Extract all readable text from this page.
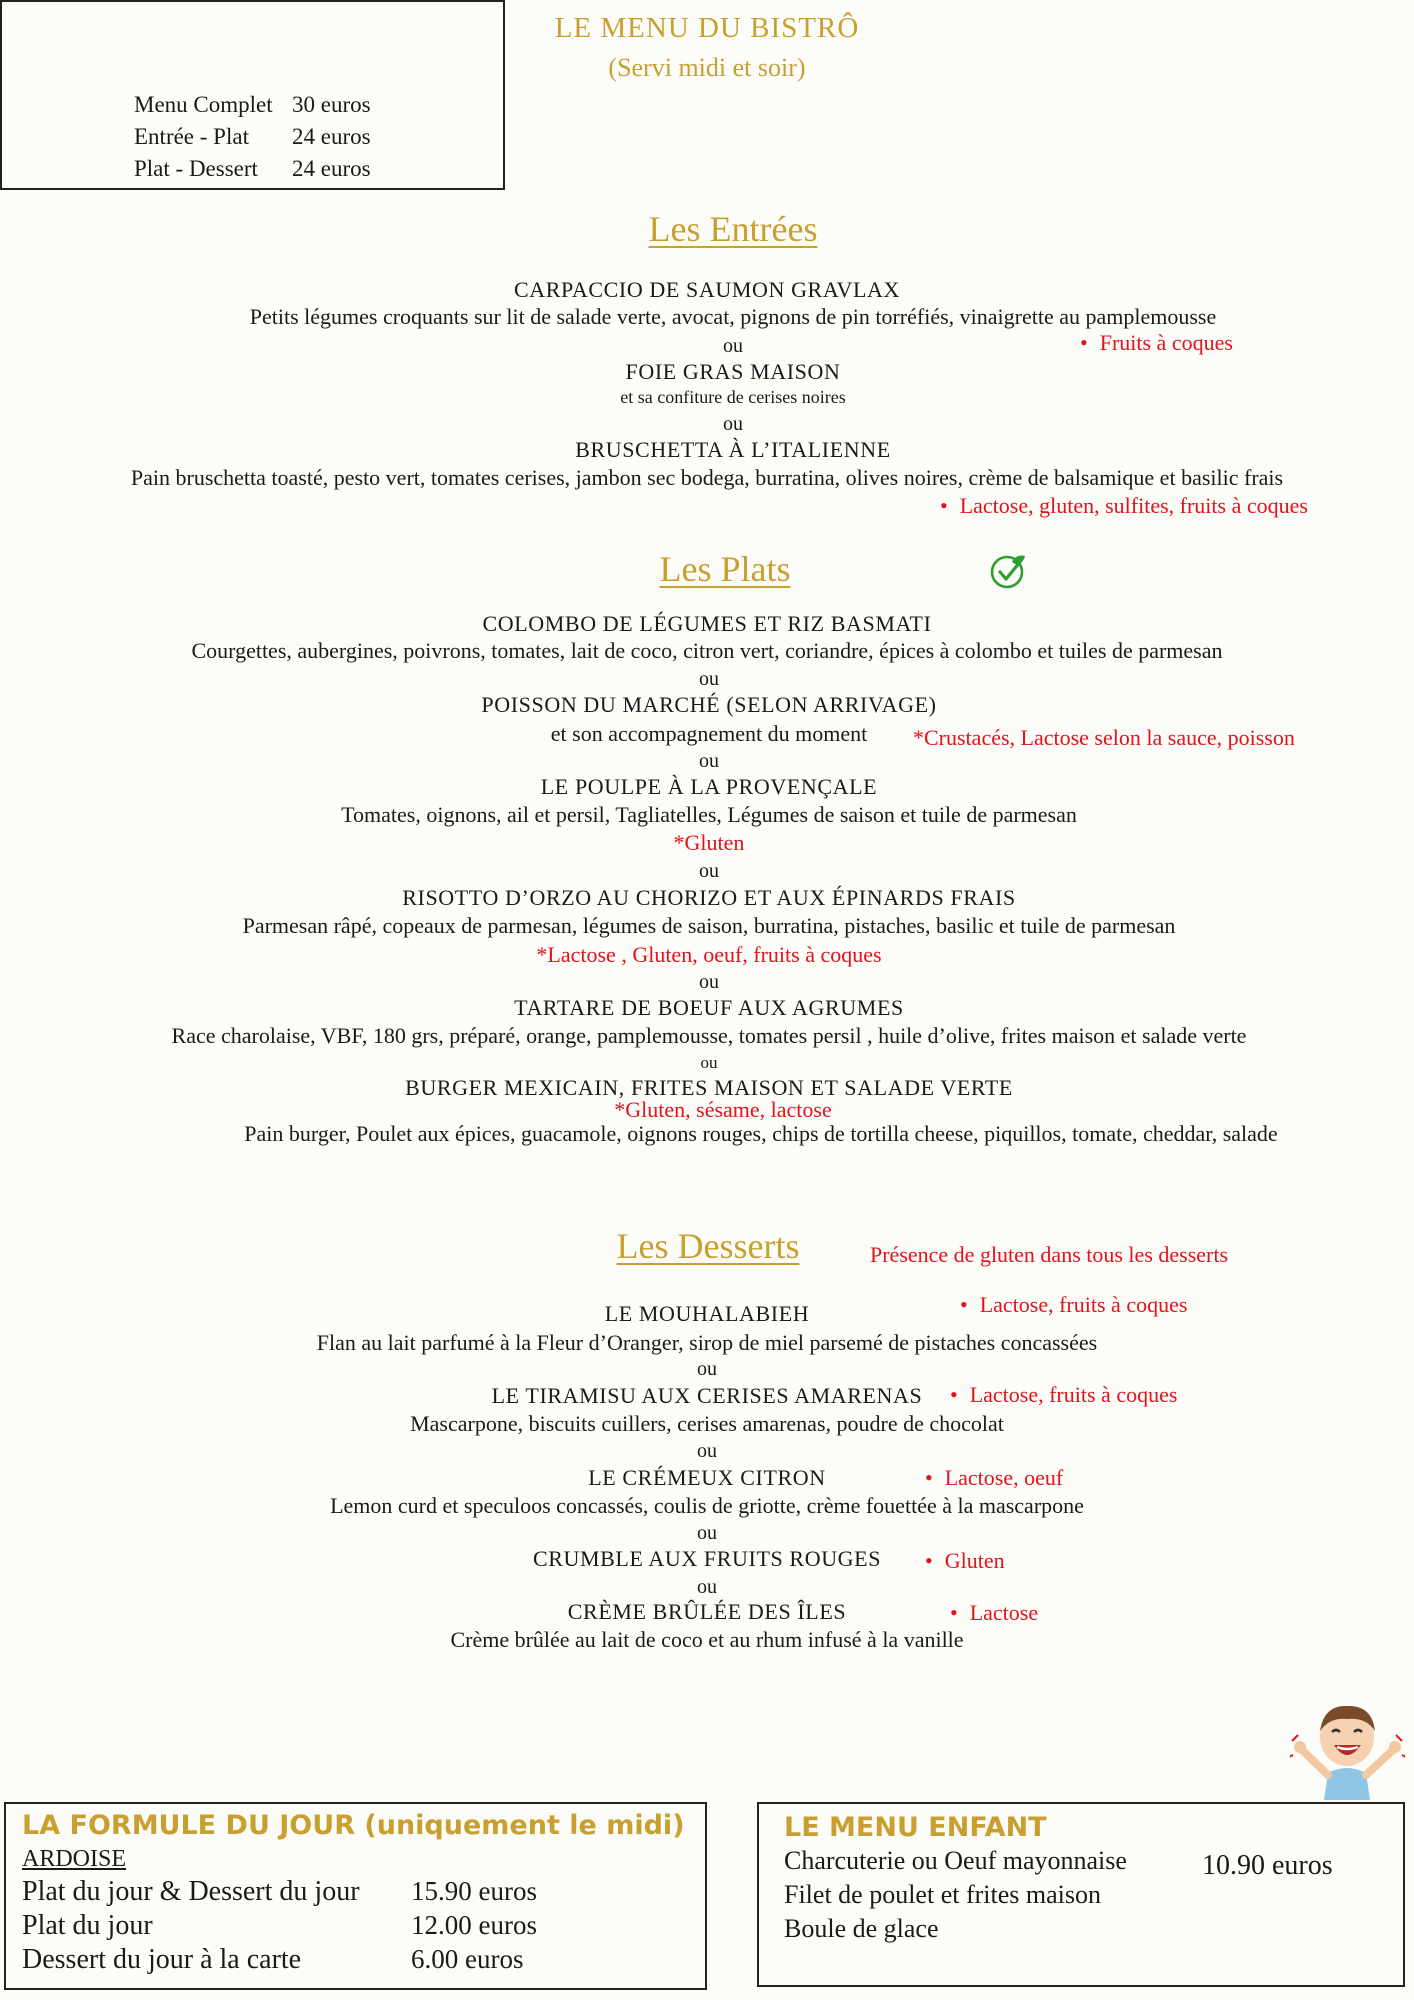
LE MENU DU BISTRÔ
(Servi midi et soir)
Menu Complet 30 euros
Entrée - Plat 24 euros
Plat - Dessert 24 euros
Les Entrées
CARPACCIO DE SAUMON GRAVLAX
Petits légumes croquants sur lit de salade verte, avocat, pignons de pin torréfiés, vinaigrette au pamplemousse
• Fruits à coques
ou
FOIE GRAS MAISON
et sa confiture de cerises noires
ou
BRUSCHETTA À L’ITALIENNE
Pain bruschetta toasté, pesto vert, tomates cerises, jambon sec bodega, burratina, olives noires, crème de balsamique et basilic frais
• Lactose, gluten, sulfites, fruits à coques
Les Plats
COLOMBO DE LÉGUMES ET RIZ BASMATI
Courgettes, aubergines, poivrons, tomates, lait de coco, citron vert, coriandre, épices à colombo et tuiles de parmesan
ou
POISSON DU MARCHÉ (SELON ARRIVAGE)
et son accompagnement du moment	*Crustacés, Lactose selon la sauce, poisson
ou
LE POULPE À LA PROVENÇALE
Tomates, oignons, ail et persil, Tagliatelles, Légumes de saison et tuile de parmesan
*Gluten
ou
RISOTTO D’ORZO AU CHORIZO ET AUX ÉPINARDS FRAIS
Parmesan râpé, copeaux de parmesan, légumes de saison, burratina, pistaches, basilic et tuile de parmesan
*Lactose , Gluten, oeuf, fruits à coques
ou
TARTARE DE BOEUF AUX AGRUMES
Race charolaise, VBF, 180 grs, préparé, orange, pamplemousse, tomates persil , huile d’olive, frites maison et salade verte
ou
BURGER MEXICAIN, FRITES MAISON ET SALADE VERTE
*Gluten, sésame, lactose
Pain burger, Poulet aux épices, guacamole, oignons rouges, chips de tortilla cheese, piquillos, tomate, cheddar, salade
Les Desserts	Présence de gluten dans tous les desserts
LE MOUHALABIEH	• Lactose, fruits à coques
Flan au lait parfumé à la Fleur d’Oranger, sirop de miel parsemé de pistaches concassées
ou
LE TIRAMISU AUX CERISES AMARENAS	• Lactose, fruits à coques
Mascarpone, biscuits cuillers, cerises amarenas, poudre de chocolat
ou
LE CRÉMEUX CITRON	• Lactose, oeuf
Lemon curd et speculoos concassés, coulis de griotte, crème fouettée à la mascarpone
ou
CRUMBLE AUX FRUITS ROUGES	• Gluten
ou
CRÈME BRÛLÉE DES ÎLES	• Lactose
Crème brûlée au lait de coco et au rhum infusé à la vanille
LA FORMULE DU JOUR (uniquement le midi)
ARDOISE
Plat du jour & Dessert du jour 15.90 euros
Plat du jour	12.00 euros
Dessert du jour à la carte	6.00 euros
LE MENU ENFANT
Charcuterie ou Oeuf mayonnaise
Filet de poulet et frites maison
Boule de glace
10.90 euros
